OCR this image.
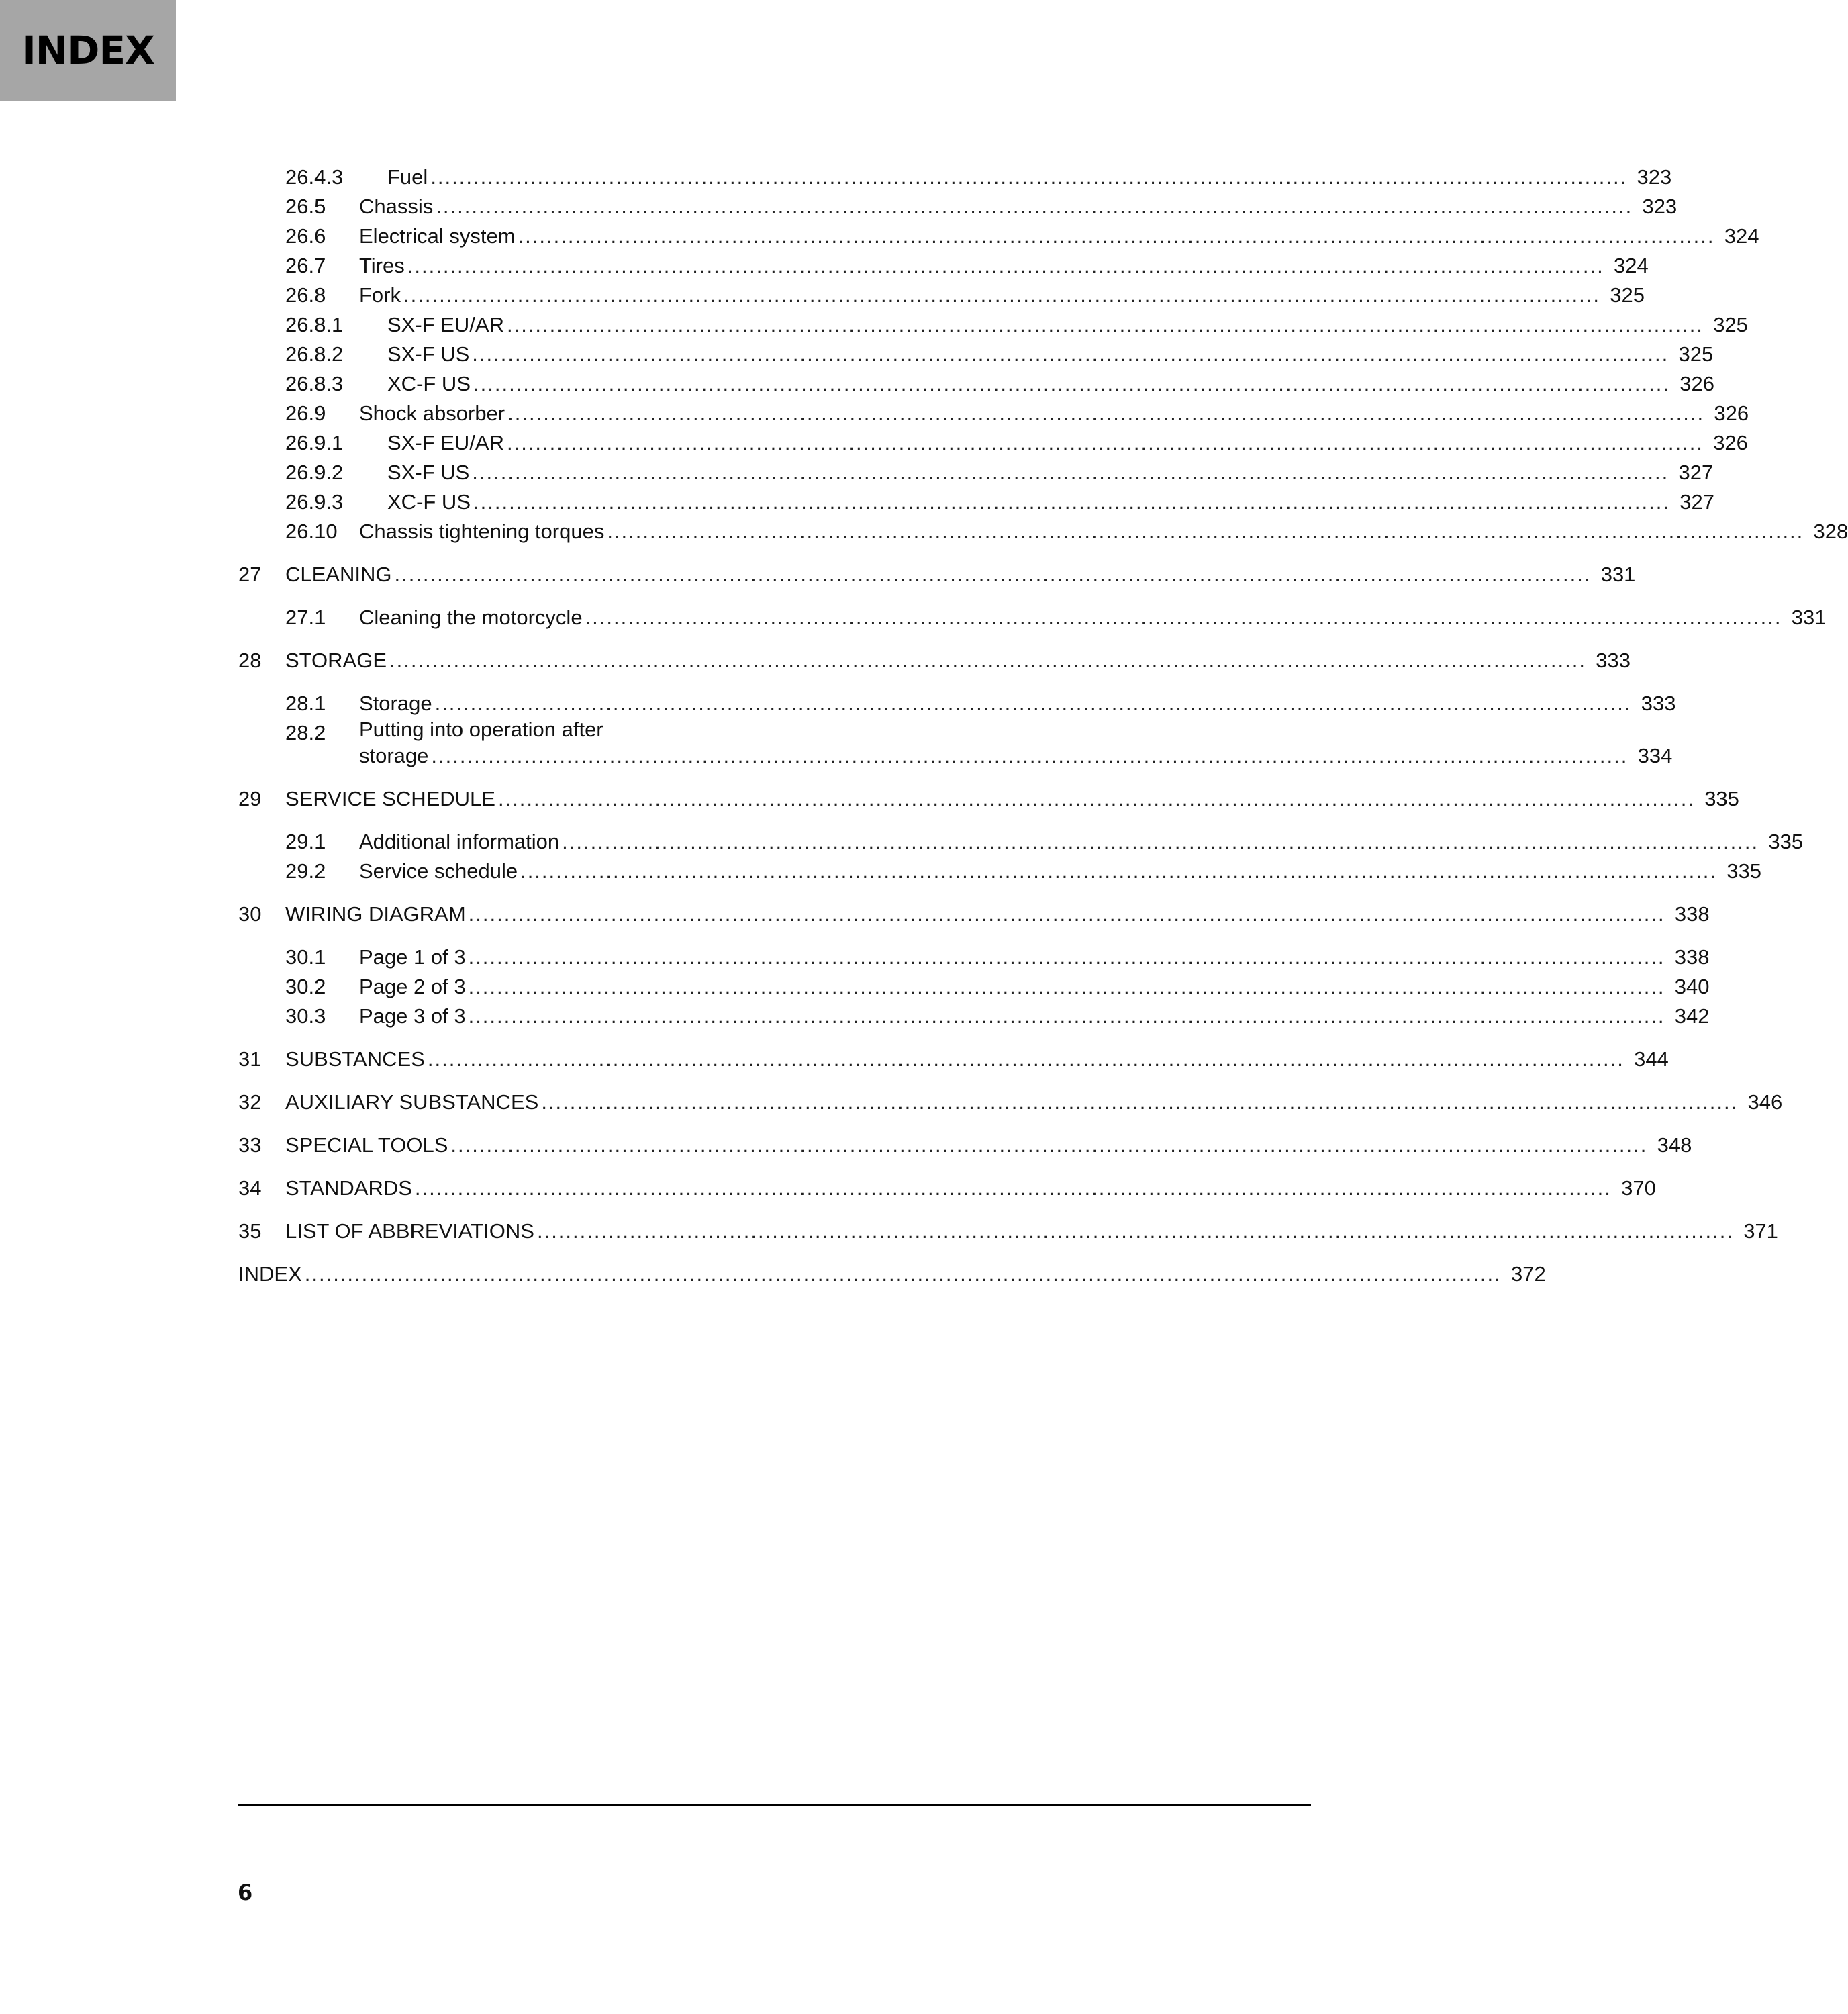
INDEX
26.4.3 Fuel .....	323
26.5 Chassis .....	323
26.6 Electrical system .....	324
26.7 Tires .....	324
26.8 Fork .....	325
26.8.1 SX-F EU/AR .....	325
26.8.2 SX-F US .....	325
26.8.3 XC-F US .....	326
26.9 Shock absorber .....	326
26.9.1 SX-F EU/AR .....	326
26.9.2 SX-F US .....	327
26.9.3 XC-F US .....	327
26.10 Chassis tightening torques .....	328
27 CLEANING .....	331
27.1 Cleaning the motorcycle .....	331
28 STORAGE .....	333
28.1 Storage .....	333
28.2 Putting into operation after
storage .....	334
29 SERVICE SCHEDULE .....	335
29.1 Additional information .....	335
29.2 Service schedule .....	335
30 WIRING DIAGRAM .....	338
30.1 Page 1 of 3 .....	338
30.2 Page 2 of 3 .....	340
30.3 Page 3 of 3 .....	342
31 SUBSTANCES .....	344
32 AUXILIARY SUBSTANCES .....	346
33 SPECIAL TOOLS .....	348
34 STANDARDS .....	370
35 LIST OF ABBREVIATIONS .....	371
INDEX .....	372
6
